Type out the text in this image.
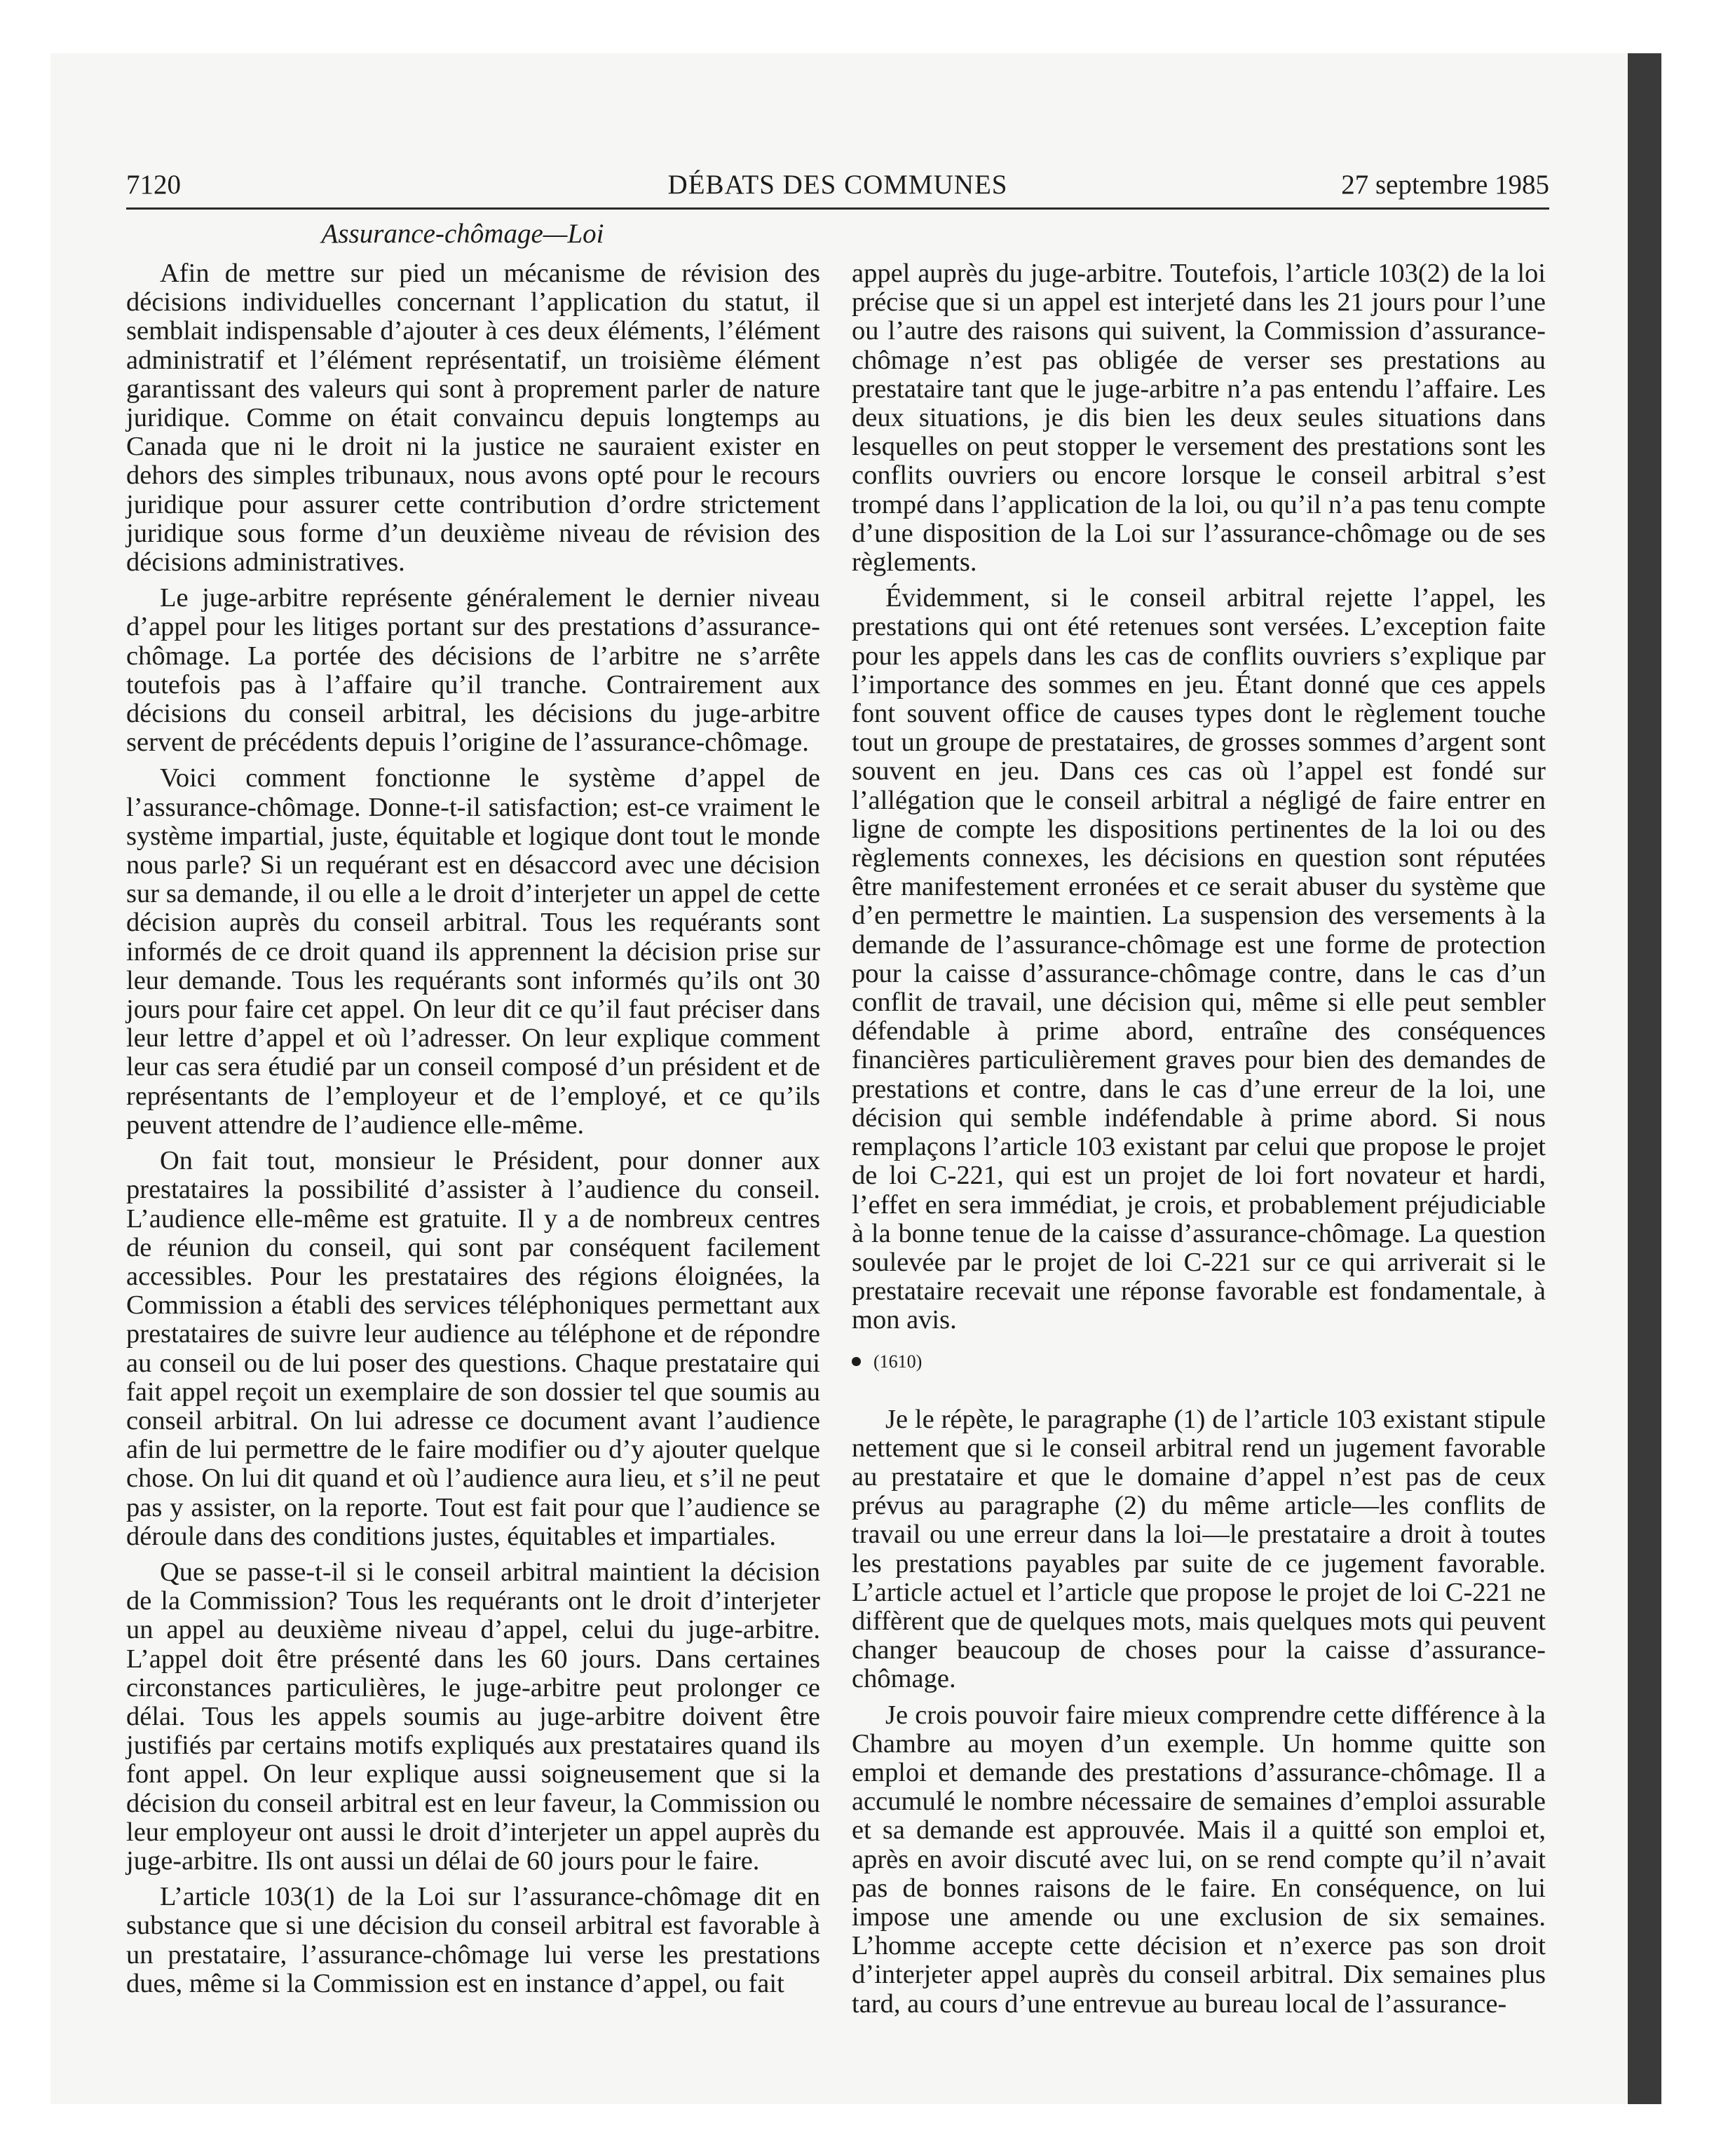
7120	DÉBATS DES COMMUNES	27 septembre 1985
Assurance-chômage—Loi

Afin de mettre sur pied un mécanisme de révision des décisions individuelles concernant l’application du statut, il semblait indispensable d’ajouter à ces deux éléments, l’élément administratif et l’élément représentatif, un troisième élément garantissant des valeurs qui sont à proprement parler de nature juridique. Comme on était convaincu depuis longtemps au Canada que ni le droit ni la justice ne sauraient exister en dehors des simples tribunaux, nous avons opté pour le recours juridique pour assurer cette contribution d’ordre strictement juridique sous forme d’un deuxième niveau de révision des décisions administratives.

Le juge-arbitre représente généralement le dernier niveau d’appel pour les litiges portant sur des prestations d’assurance-chômage. La portée des décisions de l’arbitre ne s’arrête toutefois pas à l’affaire qu’il tranche. Contrairement aux décisions du conseil arbitral, les décisions du juge-arbitre servent de précédents depuis l’origine de l’assurance-chômage.

Voici comment fonctionne le système d’appel de l’assurance-chômage. Donne-t-il satisfaction; est-ce vraiment le système impartial, juste, équitable et logique dont tout le monde nous parle? Si un requérant est en désaccord avec une décision sur sa demande, il ou elle a le droit d’interjeter un appel de cette décision auprès du conseil arbitral. Tous les requérants sont informés de ce droit quand ils apprennent la décision prise sur leur demande. Tous les requérants sont informés qu’ils ont 30 jours pour faire cet appel. On leur dit ce qu’il faut préciser dans leur lettre d’appel et où l’adresser. On leur explique comment leur cas sera étudié par un conseil composé d’un président et de représentants de l’employeur et de l’employé, et ce qu’ils peuvent attendre de l’audience elle-même.

On fait tout, monsieur le Président, pour donner aux prestataires la possibilité d’assister à l’audience du conseil. L’audience elle-même est gratuite. Il y a de nombreux centres de réunion du conseil, qui sont par conséquent facilement accessibles. Pour les prestataires des régions éloignées, la Commission a établi des services téléphoniques permettant aux prestataires de suivre leur audience au téléphone et de répondre au conseil ou de lui poser des questions. Chaque prestataire qui fait appel reçoit un exemplaire de son dossier tel que soumis au conseil arbitral. On lui adresse ce document avant l’audience afin de lui permettre de le faire modifier ou d’y ajouter quelque chose. On lui dit quand et où l’audience aura lieu, et s’il ne peut pas y assister, on la reporte. Tout est fait pour que l’audience se déroule dans des conditions justes, équitables et impartiales.

Que se passe-t-il si le conseil arbitral maintient la décision de la Commission? Tous les requérants ont le droit d’interjeter un appel au deuxième niveau d’appel, celui du juge-arbitre. L’appel doit être présenté dans les 60 jours. Dans certaines circonstances particulières, le juge-arbitre peut prolonger ce délai. Tous les appels soumis au juge-arbitre doivent être justifiés par certains motifs expliqués aux prestataires quand ils font appel. On leur explique aussi soigneusement que si la décision du conseil arbitral est en leur faveur, la Commission ou leur employeur ont aussi le droit d’interjeter un appel auprès du juge-arbitre. Ils ont aussi un délai de 60 jours pour le faire.

L’article 103(1) de la Loi sur l’assurance-chômage dit en substance que si une décision du conseil arbitral est favorable à un prestataire, l’assurance-chômage lui verse les prestations dues, même si la Commission est en instance d’appel, ou fait

appel auprès du juge-arbitre. Toutefois, l’article 103(2) de la loi précise que si un appel est interjeté dans les 21 jours pour l’une ou l’autre des raisons qui suivent, la Commission d’assurance-chômage n’est pas obligée de verser ses prestations au prestataire tant que le juge-arbitre n’a pas entendu l’affaire. Les deux situations, je dis bien les deux seules situations dans lesquelles on peut stopper le versement des prestations sont les conflits ouvriers ou encore lorsque le conseil arbitral s’est trompé dans l’application de la loi, ou qu’il n’a pas tenu compte d’une disposition de la Loi sur l’assurance-chômage ou de ses règlements.

Évidemment, si le conseil arbitral rejette l’appel, les prestations qui ont été retenues sont versées. L’exception faite pour les appels dans les cas de conflits ouvriers s’explique par l’importance des sommes en jeu. Étant donné que ces appels font souvent office de causes types dont le règlement touche tout un groupe de prestataires, de grosses sommes d’argent sont souvent en jeu. Dans ces cas où l’appel est fondé sur l’allégation que le conseil arbitral a négligé de faire entrer en ligne de compte les dispositions pertinentes de la loi ou des règlements connexes, les décisions en question sont réputées être manifestement erronées et ce serait abuser du système que d’en permettre le maintien. La suspension des versements à la demande de l’assurance-chômage est une forme de protection pour la caisse d’assurance-chômage contre, dans le cas d’un conflit de travail, une décision qui, même si elle peut sembler défendable à prime abord, entraîne des conséquences financières particulièrement graves pour bien des demandes de prestations et contre, dans le cas d’une erreur de la loi, une décision qui semble indéfendable à prime abord. Si nous remplaçons l’article 103 existant par celui que propose le projet de loi C-221, qui est un projet de loi fort novateur et hardi, l’effet en sera immédiat, je crois, et probablement préjudiciable à la bonne tenue de la caisse d’assurance-chômage. La question soulevée par le projet de loi C-221 sur ce qui arriverait si le prestataire recevait une réponse favorable est fondamentale, à mon avis.

(1610)

Je le répète, le paragraphe (1) de l’article 103 existant stipule nettement que si le conseil arbitral rend un jugement favorable au prestataire et que le domaine d’appel n’est pas de ceux prévus au paragraphe (2) du même article—les conflits de travail ou une erreur dans la loi—le prestataire a droit à toutes les prestations payables par suite de ce jugement favorable. L’article actuel et l’article que propose le projet de loi C-221 ne diffèrent que de quelques mots, mais quelques mots qui peuvent changer beaucoup de choses pour la caisse d’assurance-chômage.

Je crois pouvoir faire mieux comprendre cette différence à la Chambre au moyen d’un exemple. Un homme quitte son emploi et demande des prestations d’assurance-chômage. Il a accumulé le nombre nécessaire de semaines d’emploi assurable et sa demande est approuvée. Mais il a quitté son emploi et, après en avoir discuté avec lui, on se rend compte qu’il n’avait pas de bonnes raisons de le faire. En conséquence, on lui impose une amende ou une exclusion de six semaines. L’homme accepte cette décision et n’exerce pas son droit d’interjeter appel auprès du conseil arbitral. Dix semaines plus tard, au cours d’une entrevue au bureau local de l’assurance-
